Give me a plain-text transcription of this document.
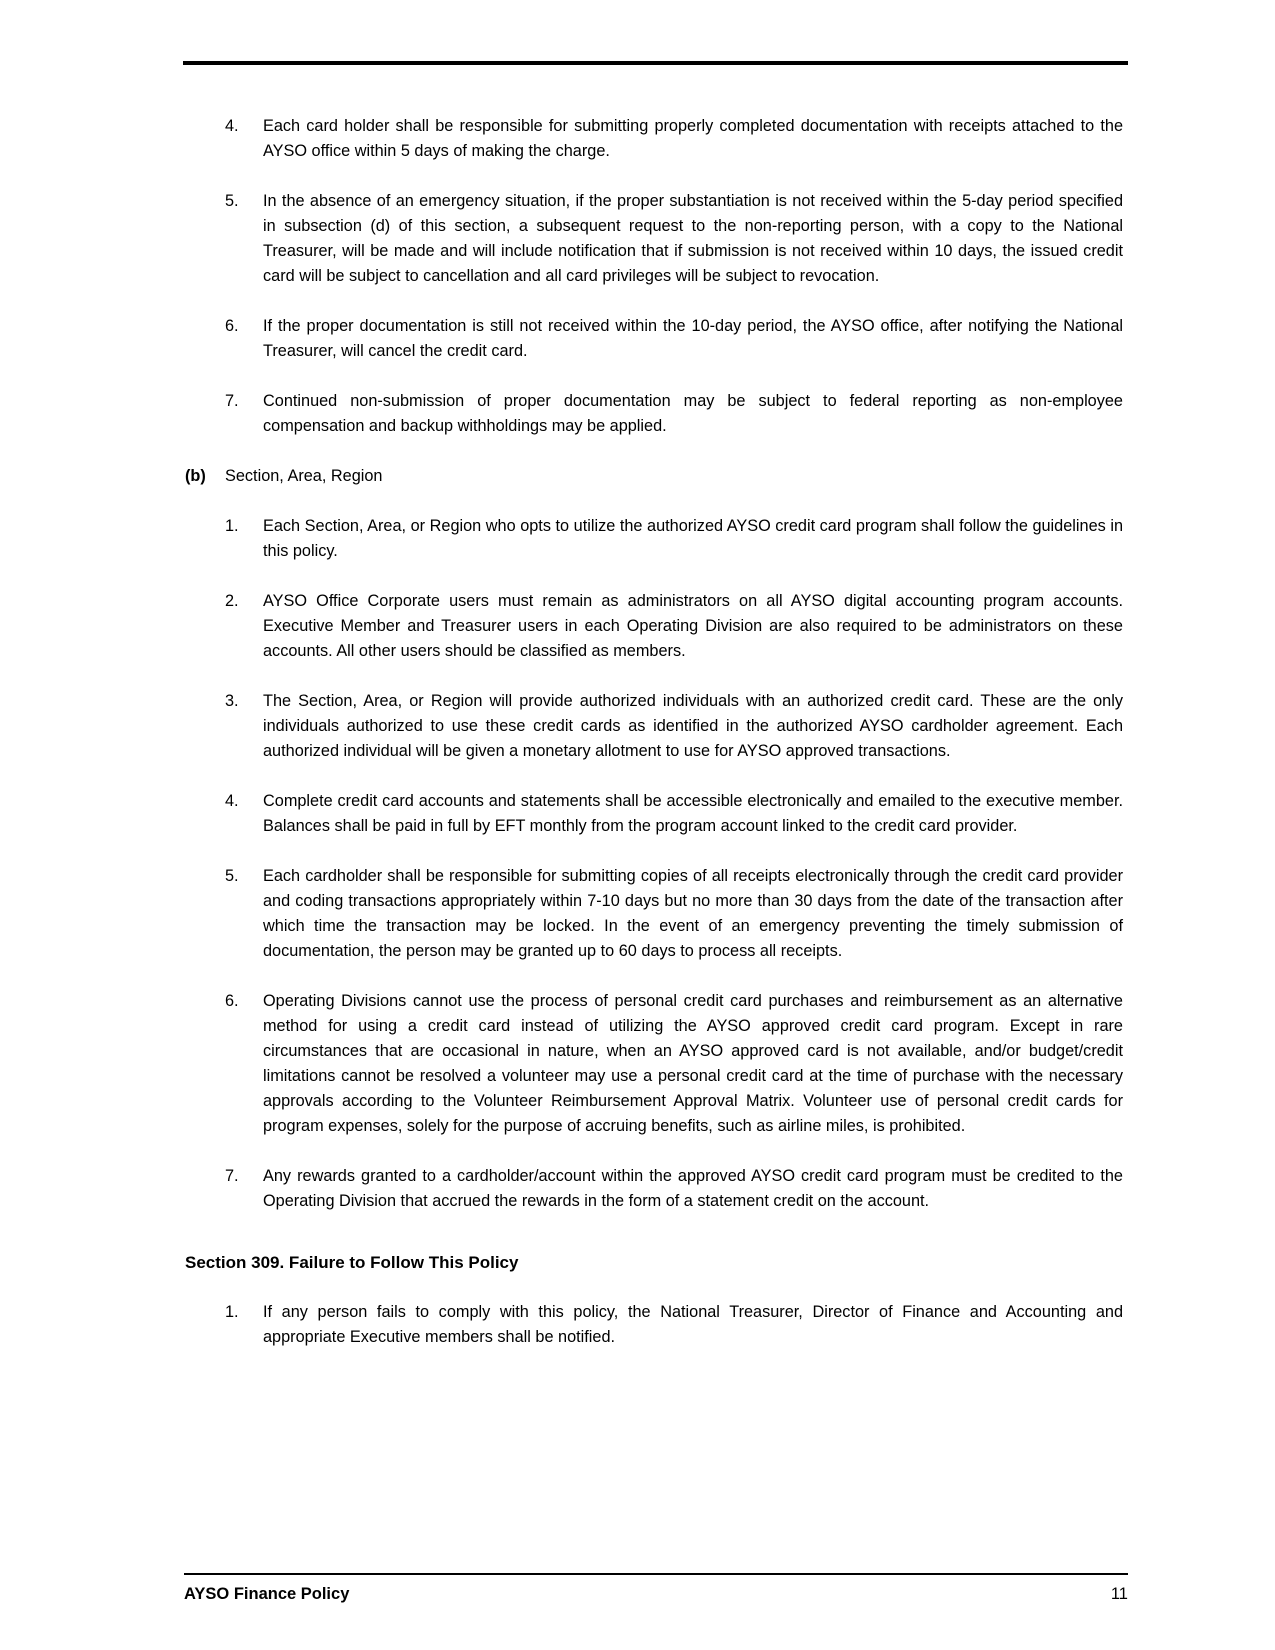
4.	Each card holder shall be responsible for submitting properly completed documentation with receipts attached to the AYSO office within 5 days of making the charge.
5.	In the absence of an emergency situation, if the proper substantiation is not received within the 5-day period specified in subsection (d) of this section, a subsequent request to the non-reporting person, with a copy to the National Treasurer, will be made and will include notification that if submission is not received within 10 days, the issued credit card will be subject to cancellation and all card privileges will be subject to revocation.
6.	If the proper documentation is still not received within the 10-day period, the AYSO office, after notifying the National Treasurer, will cancel the credit card.
7.	Continued non-submission of proper documentation may be subject to federal reporting as non-employee compensation and backup withholdings may be applied.
(b)	Section, Area, Region
1.	Each Section, Area, or Region who opts to utilize the authorized AYSO credit card program shall follow the guidelines in this policy.
2.	AYSO Office Corporate users must remain as administrators on all AYSO digital accounting program accounts. Executive Member and Treasurer users in each Operating Division are also required to be administrators on these accounts. All other users should be classified as members.
3.	The Section, Area, or Region will provide authorized individuals with an authorized credit card. These are the only individuals authorized to use these credit cards as identified in the authorized AYSO cardholder agreement. Each authorized individual will be given a monetary allotment to use for AYSO approved transactions.
4.	Complete credit card accounts and statements shall be accessible electronically and emailed to the executive member. Balances shall be paid in full by EFT monthly from the program account linked to the credit card provider.
5.	Each cardholder shall be responsible for submitting copies of all receipts electronically through the credit card provider and coding transactions appropriately within 7-10 days but no more than 30 days from the date of the transaction after which time the transaction may be locked. In the event of an emergency preventing the timely submission of documentation, the person may be granted up to 60 days to process all receipts.
6.	Operating Divisions cannot use the process of personal credit card purchases and reimbursement as an alternative method for using a credit card instead of utilizing the AYSO approved credit card program. Except in rare circumstances that are occasional in nature, when an AYSO approved card is not available, and/or budget/credit limitations cannot be resolved a volunteer may use a personal credit card at the time of purchase with the necessary approvals according to the Volunteer Reimbursement Approval Matrix. Volunteer use of personal credit cards for program expenses, solely for the purpose of accruing benefits, such as airline miles, is prohibited.
7.	Any rewards granted to a cardholder/account within the approved AYSO credit card program must be credited to the Operating Division that accrued the rewards in the form of a statement credit on the account.
Section 309. Failure to Follow This Policy
1.	If any person fails to comply with this policy, the National Treasurer, Director of Finance and Accounting and appropriate Executive members shall be notified.
AYSO Finance Policy	11
